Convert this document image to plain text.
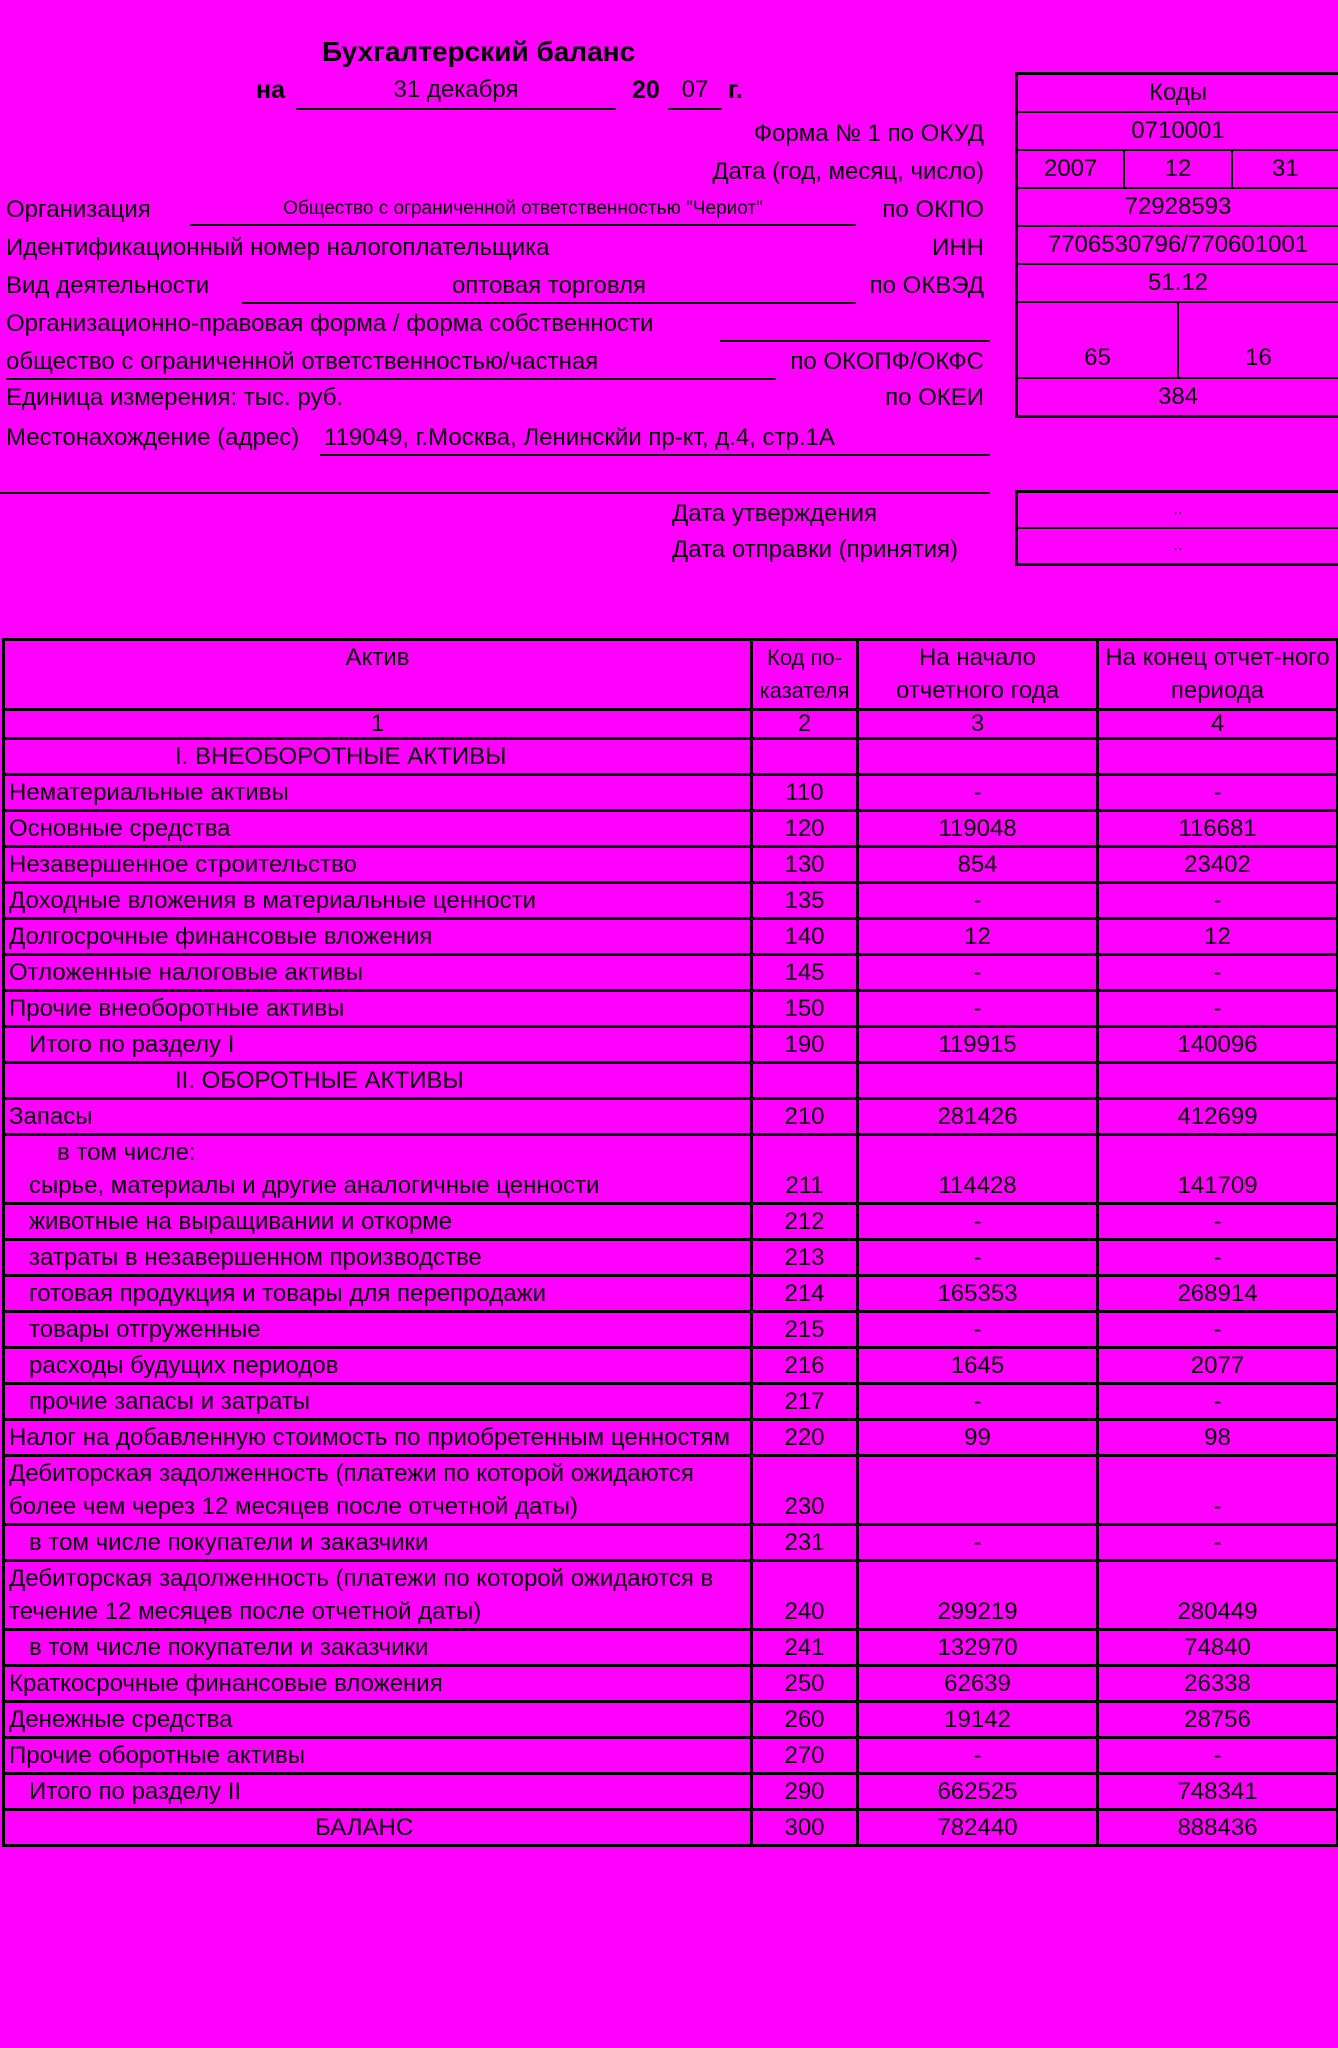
Бухгалтерский баланс
на	31 декабря	20 07 г.
Форма № 1 по ОКУД
Дата (год, месяц, число)
Организация	Общество с ограниченной ответственностью "Чериот"	по ОКПО
Идентификационный номер налогоплательщика	ИНН
Вид деятельности	оптовая торговля	по ОКВЭД
Организационно-правовая форма / форма собственности
общество с ограниченной ответственностью/частная	по ОКОПФ/ОКФС
Единица измерения: тыс. руб.	по ОКЕИ
Местонахождение (адрес) 119049, г.Москва, Ленинскйи пр-кт, д.4, стр.1А
Дата утверждения
Дата отправки (принятия)
Коды
0710001
2007	12	31
72928593
7706530796/770601001
51.12
65	16
384
..
..
Актив	Код по-казателя	На начало отчетного года	На конец отчет-ного периода
1	2	3	4
I. ВНЕОБОРОТНЫЕ АКТИВЫ			
Нематериальные активы	110	-	-
Основные средства	120	119048	116681
Незавершенное строительство	130	854	23402
Доходные вложения в материальные ценности	135	-	-
Долгосрочные финансовые вложения	140	12	12
Отложенные налоговые активы	145	-	-
Прочие внеоборотные активы	150	-	-
Итого по разделу I	190	119915	140096
II. ОБОРОТНЫЕ АКТИВЫ			
Запасы	210	281426	412699

в том числе:
сырье, материалы и другие аналогичные ценности	211	114428	141709
животные на выращивании и откорме	212	-	-
затраты в незавершенном производстве	213	-	-
готовая продукция и товары для перепродажи	214	165353	268914
товары отгруженные	215	-	-
расходы будущих периодов	216	1645	2077
прочие запасы и затраты	217	-	-
Налог на добавленную стоимость по приобретенным ценностям	220	99	98
Дебиторская задолженность (платежи по которой ожидаются более чем через 12 месяцев после отчетной даты)	230		-
в том числе покупатели и заказчики	231	-	-
Дебиторская задолженность (платежи по которой ожидаются в течение 12 месяцев после отчетной даты)	240	299219	280449
в том числе покупатели и заказчики	241	132970	74840
Краткосрочные финансовые вложения	250	62639	26338
Денежные средства	260	19142	28756
Прочие оборотные активы	270	-	-
Итого по разделу II	290	662525	748341
БАЛАНС	300	782440	888436
